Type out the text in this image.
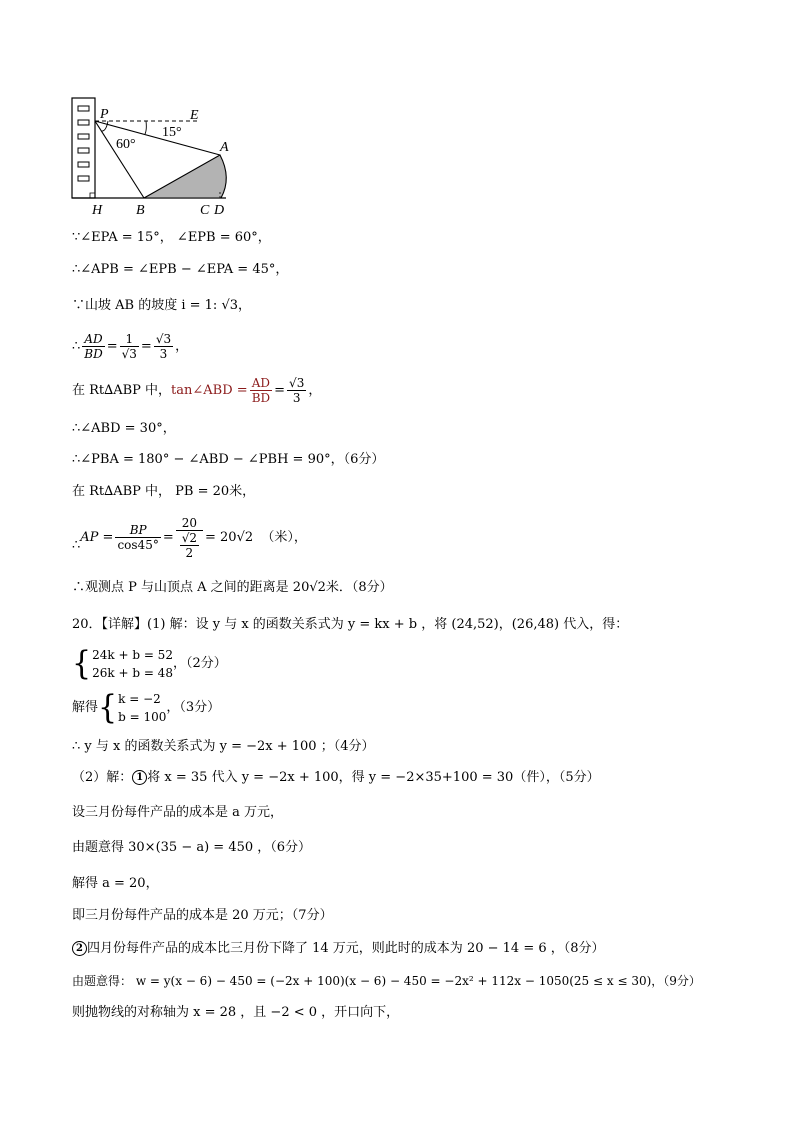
P	E
A
H B	C D
15°
60°
∵∠EPA = 15°， ∠EPB = 60°，
∴∠APB = ∠EPB − ∠EPA = 45°，
∵山坡 AB 的坡度 i = 1: √3，
∴ $\frac{AD}{BD} = \frac{1}{√3} = \frac{√3}{3}$ ，
在 Rt∆ABP 中，tan∠ABD = $\frac{AD}{BD} = \frac{√3}{3}$ ，
∴∠ABD = 30°，
∴∠PBA = 180° − ∠ABD − ∠PBH = 90°，（6分）
在 Rt∆ABP 中， PB = 20米，
∴AP = $\frac{BP}{\cos 45^\circ} = \frac{20}{\frac{√2}{2}} = 20√2$ （米），
∴观测点 P 与山顶点 A 之间的距离是 20√2米．（8分）
20．【详解】(1) 解：设 y 与 x 的函数关系式为 y = kx + b ，将 (24,52)，(26,48) 代入，得：
{ 24k + b = 52
26k + b = 48
，（2分）
解得{ k = −2
b = 100
，（3分）
∴ y 与 x 的函数关系式为 y = −2x + 100 ；（4分）
（2）解： 1 将 x = 35 代入 y = −2x + 100，得 y = −2×35+100 = 30（件），（5分）
设三月份每件产品的成本是 a 万元，
由题意得 30×(35 − a) = 450 ，（6分）
解得 a = 20，
即三月份每件产品的成本是 20 万元；（7分）
2 四月份每件产品的成本比三月份下降了 14 万元，则此时的成本为 20 − 14 = 6 ，（8分）
由题意得： w = y(x − 6) − 450 = (−2x + 100)(x − 6) − 450 = −2x² + 112x − 1050(25 ≤ x ≤ 30)，（9分）
则抛物线的对称轴为 x = 28 ，且 −2 < 0 ，开口向下，
